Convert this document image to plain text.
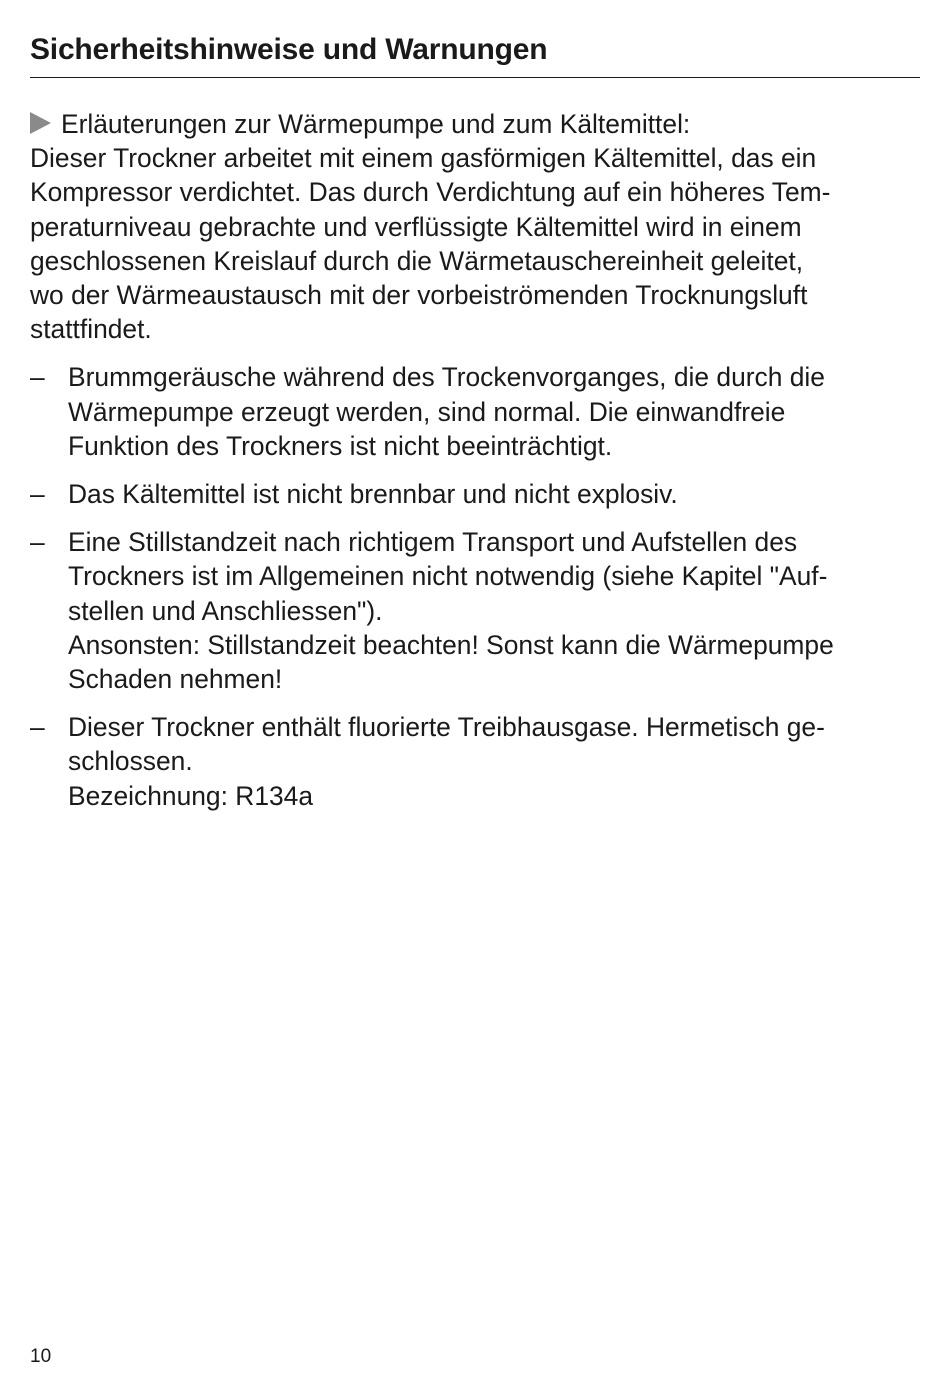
Sicherheitshinweise und Warnungen
Erläuterungen zur Wärmepumpe und zum Kältemittel:

Dieser Trockner arbeitet mit einem gasförmigen Kältemittel, das ein
Kompressor verdichtet. Das durch Verdichtung auf ein höheres Tem-
peraturniveau gebrachte und verflüssigte Kältemittel wird in einem
geschlossenen Kreislauf durch die Wärmetauschereinheit geleitet,
wo der Wärmeaustausch mit der vorbeiströmenden Trocknungsluft
stattfindet.

– Brummgeräusche während des Trockenvorganges, die durch die
Wärmepumpe erzeugt werden, sind normal. Die einwandfreie
Funktion des Trockners ist nicht beeinträchtigt.
– Das Kältemittel ist nicht brennbar und nicht explosiv.
– Eine Stillstandzeit nach richtigem Transport und Aufstellen des
Trockners ist im Allgemeinen nicht notwendig (siehe Kapitel "Auf-
stellen und Anschliessen").
Ansonsten: Stillstandzeit beachten! Sonst kann die Wärmepumpe
Schaden nehmen!
– Dieser Trockner enthält fluorierte Treibhausgase. Hermetisch ge-
schlossen.
Bezeichnung: R134a
10
